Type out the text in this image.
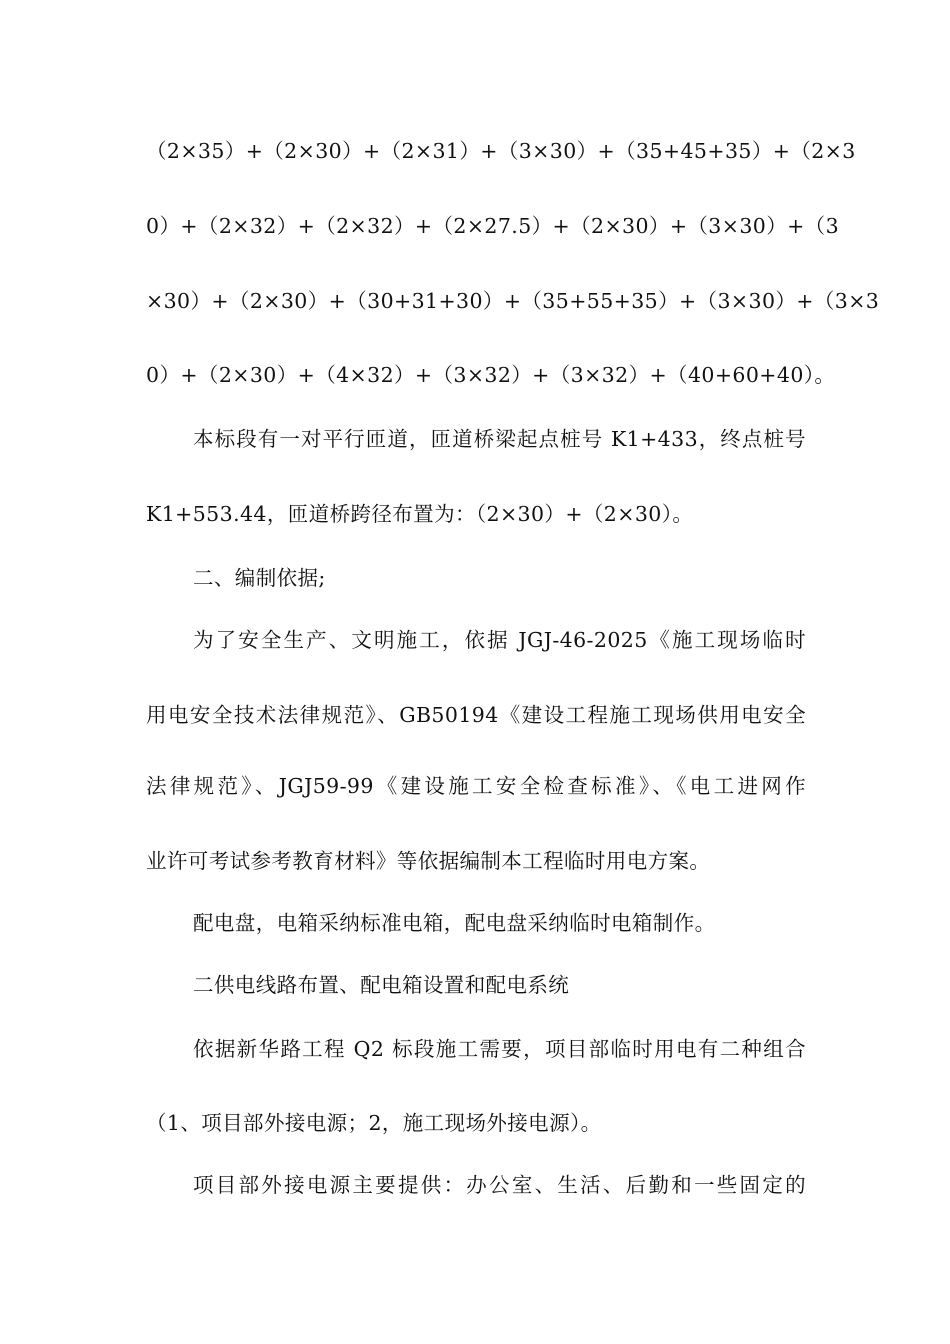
（2×35）+（2×30）+（2×31）+（3×30）+（35+45+35）+（2×3
0）+（2×32）+（2×32）+（2×27.5）+（2×30）+（3×30）+（3
×30）+（2×30）+（30+31+30）+（35+55+35）+（3×30）+（3×3
0）+（2×30）+（4×32）+（3×32）+（3×32）+（40+60+40）。
本标段有一对平行匝道，匝道桥梁起点桩号 K1+433，终点桩号
K1+553.44，匝道桥跨径布置为：（2×30）+（2×30）。
二、编制依据;
为了安全生产、文明施工，依据 JGJ-46-2025《施工现场临时
用电安全技术法律规范》、GB50194《建设工程施工现场供用电安全
法律规范》、JGJ59-99《建设施工安全检查标准》、《电工进网作
业许可考试参考教育材料》等依据编制本工程临时用电方案。
配电盘，电箱采纳标准电箱，配电盘采纳临时电箱制作。
二供电线路布置、配电箱设置和配电系统
依据新华路工程 Q2 标段施工需要，项目部临时用电有二种组合
（1、项目部外接电源；2，施工现场外接电源）。
项目部外接电源主要提供：办公室、生活、后勤和一些固定的
